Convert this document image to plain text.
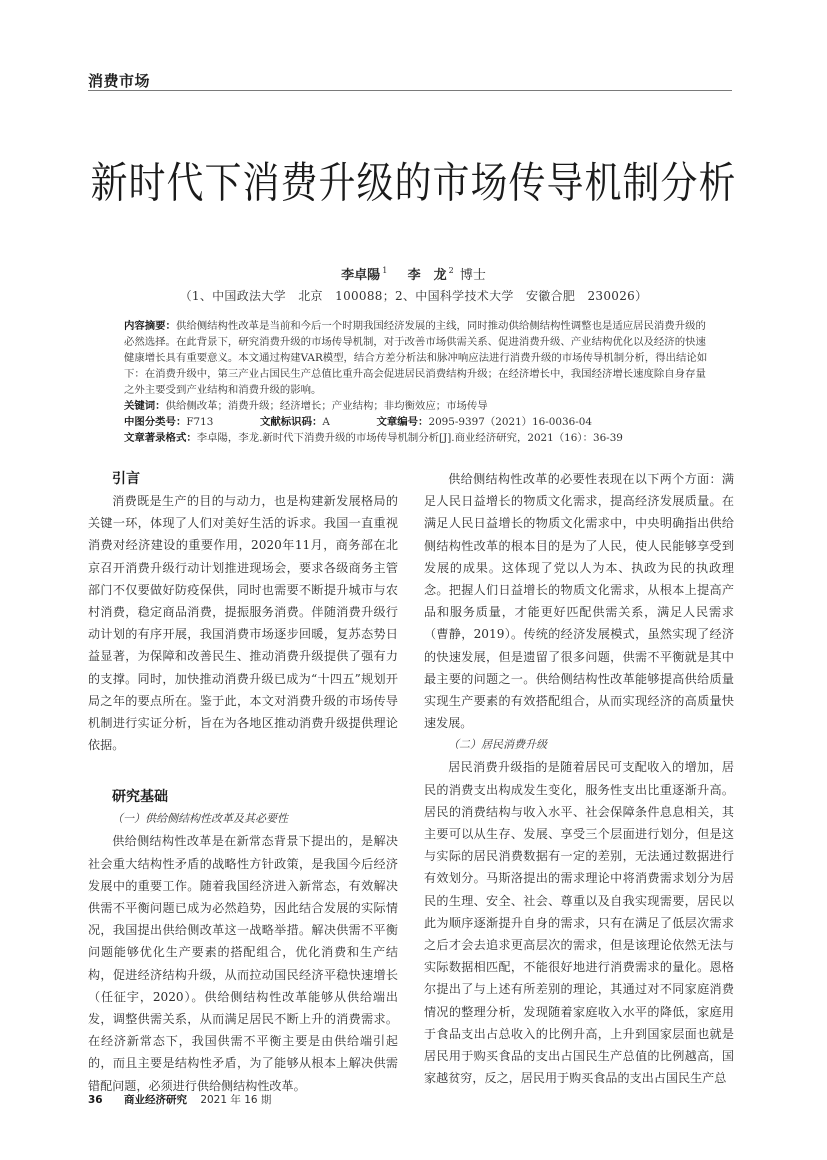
消费市场
新时代下消费升级的市场传导机制分析
李卓陽 $^1$ 李　龙 $^2$ 博士
（1、中国政法大学　北京　100088；2、中国科学技术大学　安徽合肥　230026）
内容摘要：供给侧结构性改革是当前和今后一个时期我国经济发展的主线，同时推动供给侧结构性调整也是适应居民消费升级的必然选择。在此背景下，研究消费升级的市场传导机制，对于改善市场供需关系、促进消费升级、产业结构优化以及经济的快速健康增长具有重要意义。本文通过构建VAR模型，结合方差分析法和脉冲响应法进行消费升级的市场传导机制分析，得出结论如下：在消费升级中，第三产业占国民生产总值比重升高会促进居民消费结构升级；在经济增长中，我国经济增长速度除自身存量之外主要受到产业结构和消费升级的影响。
关键词：供给侧改革；消费升级；经济增长；产业结构；非均衡效应；市场传导
中图分类号：F713	文献标识码：A	文章编号：2095-9397（2021）16-0036-04
文章著录格式：李卓陽，李龙.新时代下消费升级的市场传导机制分析[J].商业经济研究，2021（16）：36-39
引言

消费既是生产的目的与动力，也是构建新发展格局的关键一环，体现了人们对美好生活的诉求。我国一直重视消费对经济建设的重要作用，2020年11月，商务部在北京召开消费升级行动计划推进现场会，要求各级商务主管部门不仅要做好防疫保供，同时也需要不断提升城市与农村消费，稳定商品消费，提振服务消费。伴随消费升级行动计划的有序开展，我国消费市场逐步回暖，复苏态势日益显著，为保障和改善民生、推动消费升级提供了强有力的支撑。同时，加快推动消费升级已成为“十四五”规划开局之年的要点所在。鉴于此，本文对消费升级的市场传导机制进行实证分析，旨在为各地区推动消费升级提供理论依据。

研究基础
（一）供给侧结构性改革及其必要性

供给侧结构性改革是在新常态背景下提出的，是解决社会重大结构性矛盾的战略性方针政策，是我国今后经济发展中的重要工作。随着我国经济进入新常态，有效解决供需不平衡问题已成为必然趋势，因此结合发展的实际情况，我国提出供给侧改革这一战略举措。解决供需不平衡问题能够优化生产要素的搭配组合，优化消费和生产结构，促进经济结构升级，从而拉动国民经济平稳快速增长（任征宇，2020）。供给侧结构性改革能够从供给端出发，调整供需关系，从而满足居民不断上升的消费需求。在经济新常态下，我国供需不平衡主要是由供给端引起的，而且主要是结构性矛盾，为了能够从根本上解决供需错配问题，必须进行供给侧结构性改革。

供给侧结构性改革的必要性表现在以下两个方面：满足人民日益增长的物质文化需求，提高经济发展质量。在满足人民日益增长的物质文化需求中，中央明确指出供给侧结构性改革的根本目的是为了人民，使人民能够享受到发展的成果。这体现了党以人为本、执政为民的执政理念。把握人们日益增长的物质文化需求，从根本上提高产品和服务质量，才能更好匹配供需关系，满足人民需求（曹静，2019）。传统的经济发展模式，虽然实现了经济的快速发展，但是遗留了很多问题，供需不平衡就是其中最主要的问题之一。供给侧结构性改革能够提高供给质量实现生产要素的有效搭配组合，从而实现经济的高质量快速发展。

（二）居民消费升级

居民消费升级指的是随着居民可支配收入的增加，居民的消费支出构成发生变化，服务性支出比重逐渐升高。居民的消费结构与收入水平、社会保障条件息息相关，其主要可以从生存、发展、享受三个层面进行划分，但是这与实际的居民消费数据有一定的差别，无法通过数据进行有效划分。马斯洛提出的需求理论中将消费需求划分为居民的生理、安全、社会、尊重以及自我实现需要，居民以此为顺序逐渐提升自身的需求，只有在满足了低层次需求之后才会去追求更高层次的需求，但是该理论依然无法与实际数据相匹配，不能很好地进行消费需求的量化。恩格尔提出了与上述有所差别的理论，其通过对不同家庭消费情况的整理分析，发现随着家庭收入水平的降低，家庭用于食品支出占总收入的比例升高，上升到国家层面也就是居民用于购买食品的支出占国民生产总值的比例越高，国家越贫穷，反之，居民用于购买食品的支出占国民生产总

36 商业经济研究 2021 年 16 期
